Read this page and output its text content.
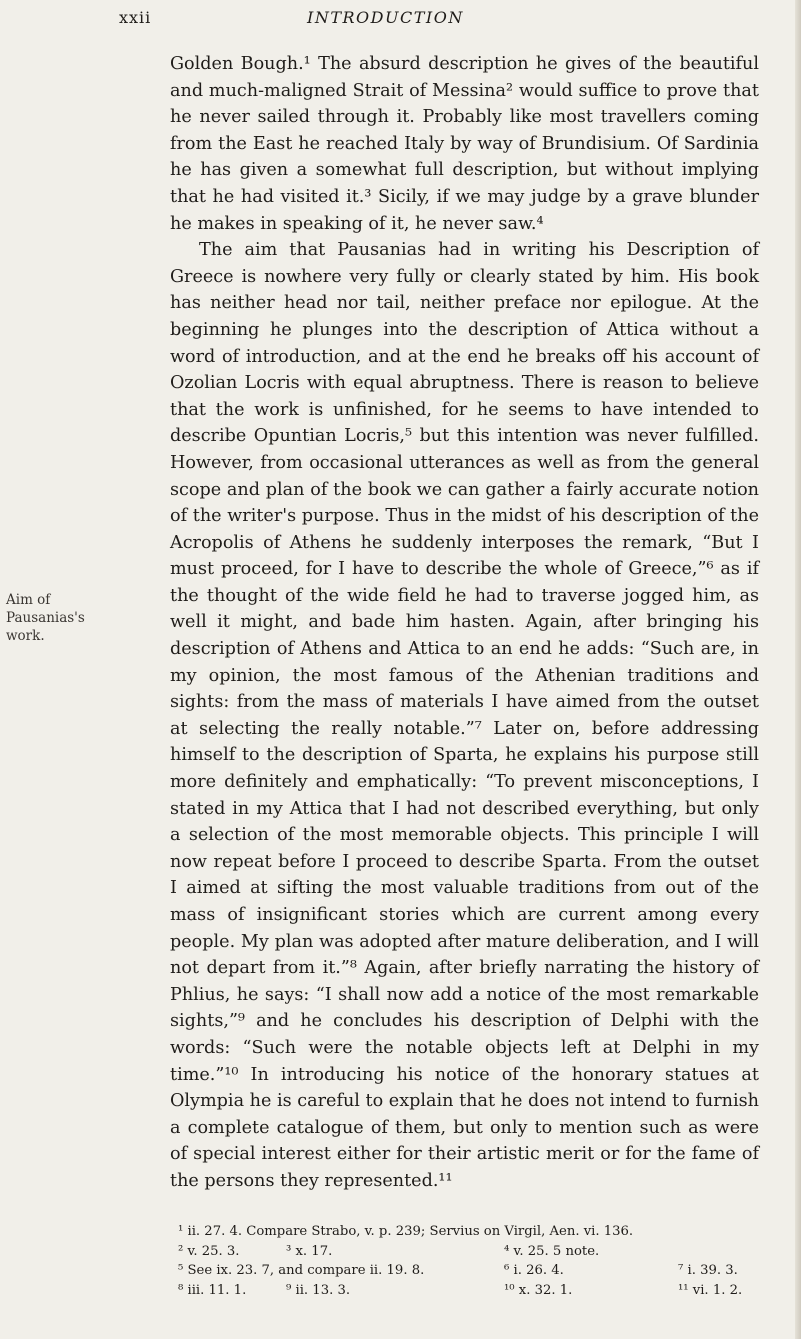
xxii	INTRODUCTION
Aim of
Pausanias's
work.

Golden Bough.¹ The absurd description he gives of the beautiful and much-maligned Strait of Messina² would suffice to prove that he never sailed through it. Probably like most travellers coming from the East he reached Italy by way of Brundisium. Of Sardinia he has given a somewhat full description, but without implying that he had visited it.³ Sicily, if we may judge by a grave blunder he makes in speaking of it, he never saw.⁴

The aim that Pausanias had in writing his Description of Greece is nowhere very fully or clearly stated by him. His book has neither head nor tail, neither preface nor epilogue. At the beginning he plunges into the description of Attica without a word of introduction, and at the end he breaks off his account of Ozolian Locris with equal abruptness. There is reason to believe that the work is unfinished, for he seems to have intended to describe Opuntian Locris,⁵ but this intention was never fulfilled. However, from occasional utterances as well as from the general scope and plan of the book we can gather a fairly accurate notion of the writer's purpose. Thus in the midst of his description of the Acropolis of Athens he suddenly interposes the remark, “But I must proceed, for I have to describe the whole of Greece,”⁶ as if the thought of the wide field he had to traverse jogged him, as well it might, and bade him hasten. Again, after bringing his description of Athens and Attica to an end he adds: “Such are, in my opinion, the most famous of the Athenian traditions and sights: from the mass of materials I have aimed from the outset at selecting the really notable.”⁷ Later on, before addressing himself to the description of Sparta, he explains his purpose still more definitely and emphatically: “To prevent misconceptions, I stated in my Attica that I had not described everything, but only a selection of the most memorable objects. This principle I will now repeat before I proceed to describe Sparta. From the outset I aimed at sifting the most valuable traditions from out of the mass of insignificant stories which are current among every people. My plan was adopted after mature deliberation, and I will not depart from it.”⁸ Again, after briefly narrating the history of Phlius, he says: “I shall now add a notice of the most remarkable sights,”⁹ and he concludes his description of Delphi with the words: “Such were the notable objects left at Delphi in my time.”¹⁰ In introducing his notice of the honorary statues at Olympia he is careful to explain that he does not intend to furnish a complete catalogue of them, but only to mention such as were of special interest either for their artistic merit or for the fame of the persons they represented.¹¹

¹ ii. 27. 4. Compare Strabo, v. p. 239; Servius on Virgil, Aen. vi. 136.
² v. 25. 3.	³ x. 17.	⁴ v. 25. 5 note.
⁵ See ix. 23. 7, and compare ii. 19. 8.	⁶ i. 26. 4.	⁷ i. 39. 3.
⁸ iii. 11. 1.	⁹ ii. 13. 3.	¹⁰ x. 32. 1.	¹¹ vi. 1. 2.
